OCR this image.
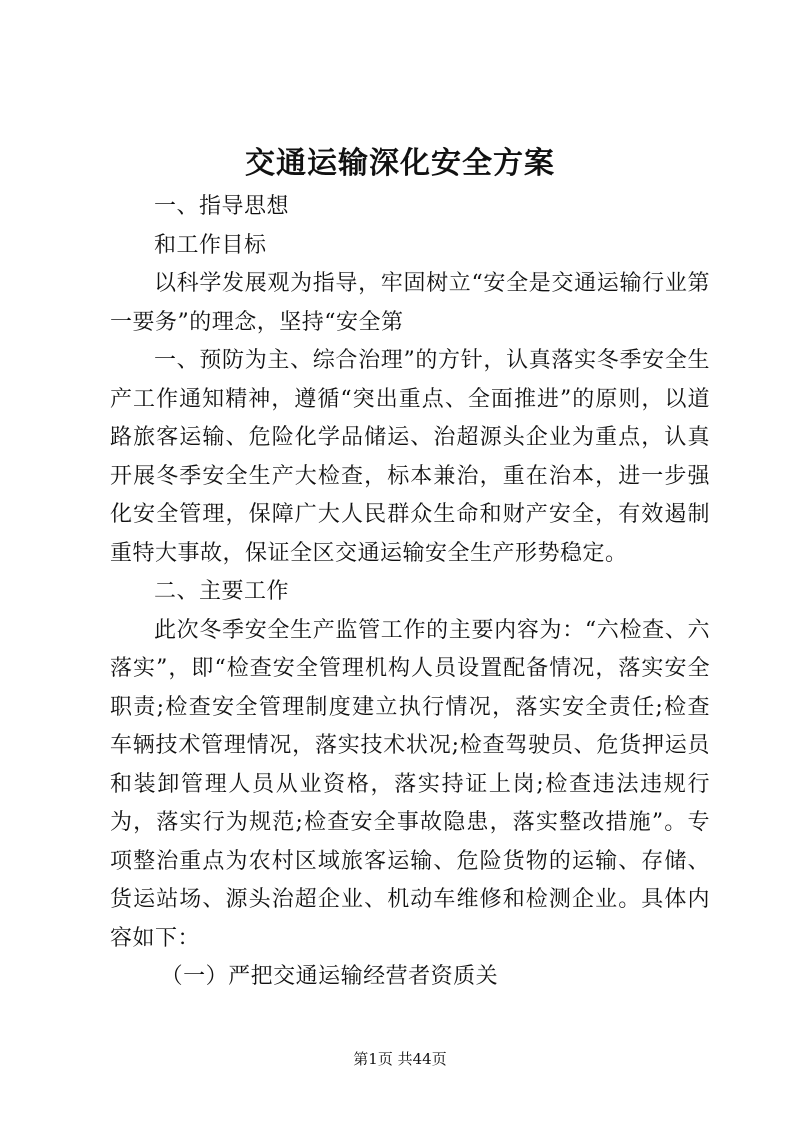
交通运输深化安全方案

一、指导思想

和工作目标

以科学发展观为指导，牢固树立“安全是交通运输行业第一要务”的理念，坚持“安全第

一、预防为主、综合治理”的方针，认真落实冬季安全生产工作通知精神，遵循“突出重点、全面推进”的原则，以道路旅客运输、危险化学品储运、治超源头企业为重点，认真开展冬季安全生产大检查，标本兼治，重在治本，进一步强化安全管理，保障广大人民群众生命和财产安全，有效遏制重特大事故，保证全区交通运输安全生产形势稳定。

二、主要工作

此次冬季安全生产监管工作的主要内容为：“六检查、六落实”，即“检查安全管理机构人员设置配备情况，落实安全职责;检查安全管理制度建立执行情况，落实安全责任;检查车辆技术管理情况，落实技术状况;检查驾驶员、危货押运员和装卸管理人员从业资格，落实持证上岗;检查违法违规行为，落实行为规范;检查安全事故隐患，落实整改措施”。专项整治重点为农村区域旅客运输、危险货物的运输、存储、货运站场、源头治超企业、机动车维修和检测企业。具体内容如下：

（一）严把交通运输经营者资质关

第1页 共44页
